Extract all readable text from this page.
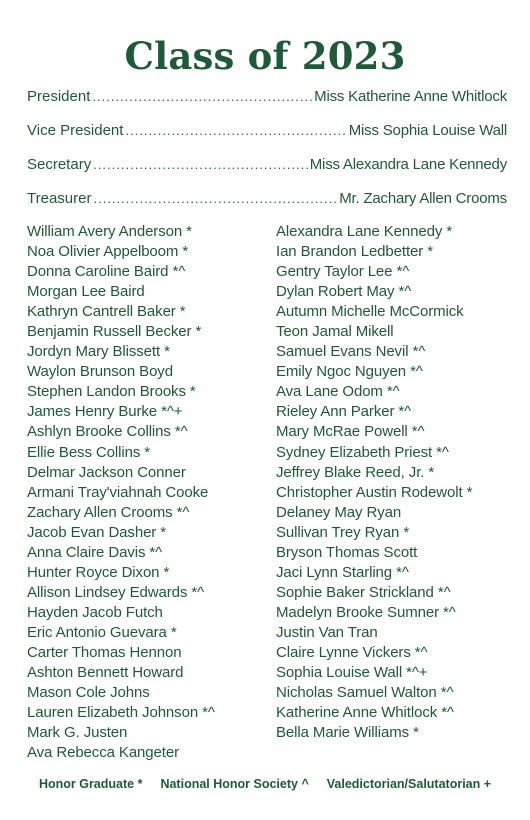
Class of 2023
President .....	Miss Katherine Anne Whitlock
Vice President .....	Miss Sophia Louise Wall
Secretary .....	Miss Alexandra Lane Kennedy
Treasurer .....	Mr. Zachary Allen Crooms
William Avery Anderson *
Noa Olivier Appelboom *
Donna Caroline Baird *^
Morgan Lee Baird
Kathryn Cantrell Baker *
Benjamin Russell Becker *
Jordyn Mary Blissett *
Waylon Brunson Boyd
Stephen Landon Brooks *
James Henry Burke *^+
Ashlyn Brooke Collins *^
Ellie Bess Collins *
Delmar Jackson Conner
Armani Tray'viahnah Cooke
Zachary Allen Crooms *^
Jacob Evan Dasher *
Anna Claire Davis *^
Hunter Royce Dixon *
Allison Lindsey Edwards *^
Hayden Jacob Futch
Eric Antonio Guevara *
Carter Thomas Hennon
Ashton Bennett Howard
Mason Cole Johns
Lauren Elizabeth Johnson *^
Mark G. Justen
Ava Rebecca Kangeter
Alexandra Lane Kennedy *
Ian Brandon Ledbetter *
Gentry Taylor Lee *^
Dylan Robert May *^
Autumn Michelle McCormick
Teon Jamal Mikell
Samuel Evans Nevil *^
Emily Ngoc Nguyen *^
Ava Lane Odom *^
Rieley Ann Parker *^
Mary McRae Powell *^
Sydney Elizabeth Priest *^
Jeffrey Blake Reed, Jr. *
Christopher Austin Rodewolt *
Delaney May Ryan
Sullivan Trey Ryan *
Bryson Thomas Scott
Jaci Lynn Starling *^
Sophie Baker Strickland *^
Madelyn Brooke Sumner *^
Justin Van Tran
Claire Lynne Vickers *^
Sophia Louise Wall *^+
Nicholas Samuel Walton *^
Katherine Anne Whitlock *^
Bella Marie Williams *
Honor Graduate * National Honor Society ^ Valedictorian/Salutatorian +
